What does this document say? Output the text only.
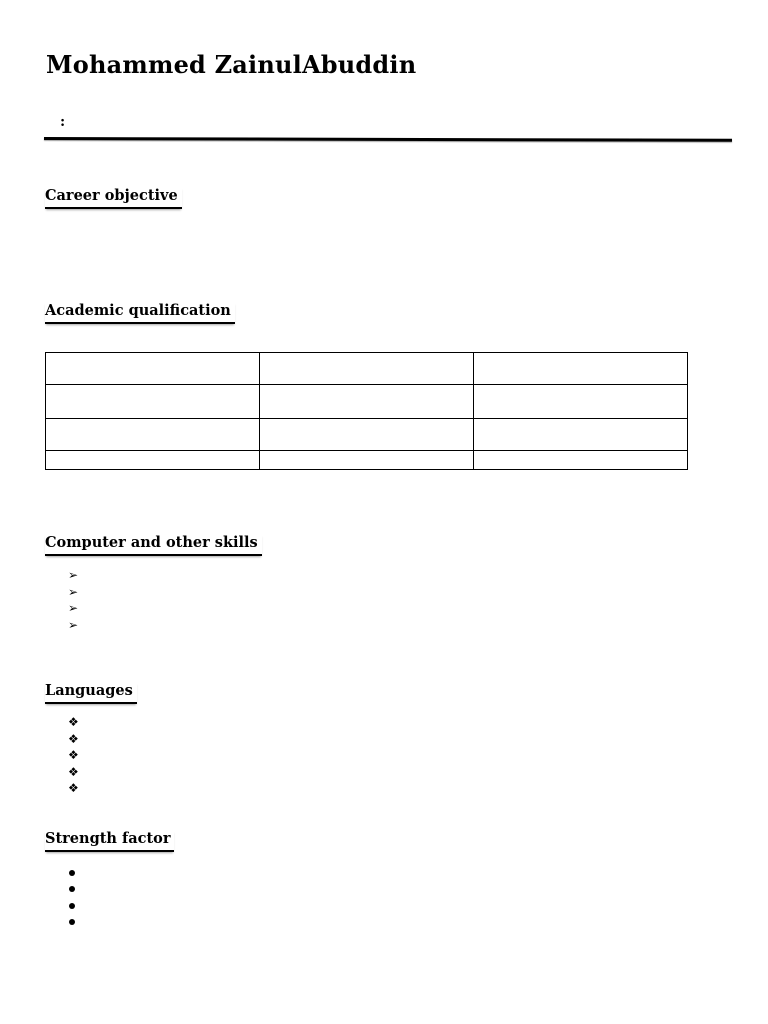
Mohammed ZainulAbuddin
:
Career objective
Academic qualification

Computer and other skills
➢
➢
➢
➢
Languages
❖
❖
❖
❖
❖
Strength factor
